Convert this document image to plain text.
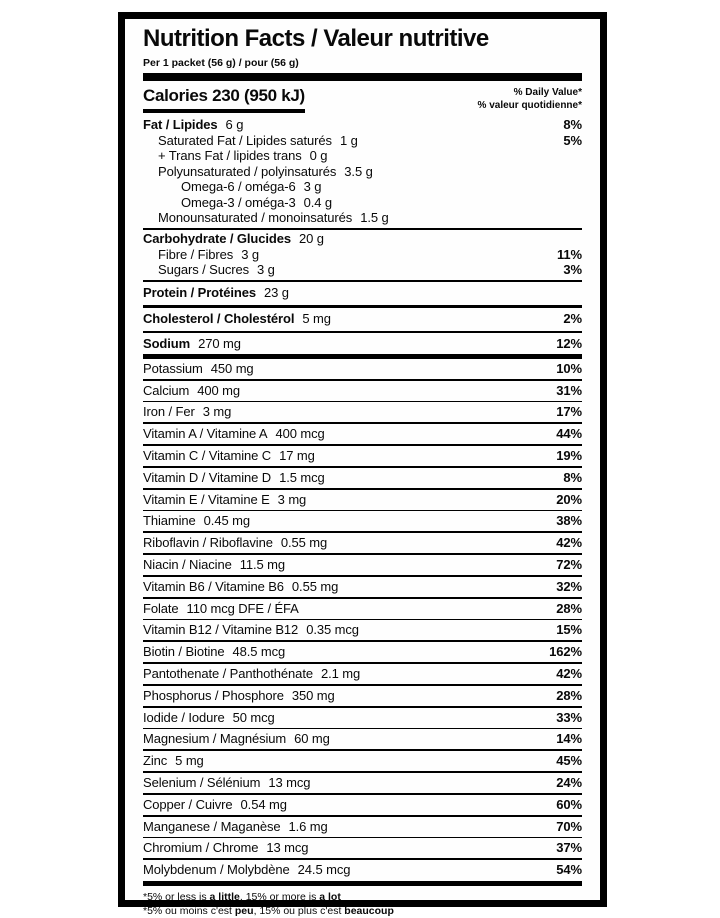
Nutrition Facts / Valeur nutritive
Per 1 packet (56 g) / pour (56 g)
Calories 230 (950 kJ)	% Daily Value*
% valeur quotidienne*
Fat / Lipides 6 g	8%
Saturated Fat / Lipides saturés 1 g	5%
+ Trans Fat / lipides trans 0 g
Polyunsaturated / polyinsaturés 3.5 g
Omega-6 / oméga-6 3 g
Omega-3 / oméga-3 0.4 g
Monounsaturated / monoinsaturés 1.5 g
Carbohydrate / Glucides 20 g
Fibre / Fibres 3 g	11%
Sugars / Sucres 3 g	3%
Protein / Protéines 23 g
Cholesterol / Cholestérol 5 mg	2%
Sodium 270 mg	12%
Potassium 450 mg	10%
Calcium 400 mg	31%
Iron / Fer 3 mg	17%
Vitamin A / Vitamine A 400 mcg	44%
Vitamin C / Vitamine C 17 mg	19%
Vitamin D / Vitamine D 1.5 mcg	8%
Vitamin E / Vitamine E 3 mg	20%
Thiamine 0.45 mg	38%
Riboflavin / Riboflavine 0.55 mg	42%
Niacin / Niacine 11.5 mg	72%
Vitamin B6 / Vitamine B6 0.55 mg	32%
Folate 110 mcg DFE / ÉFA	28%
Vitamin B12 / Vitamine B12 0.35 mcg	15%
Biotin / Biotine 48.5 mcg	162%
Pantothenate / Panthothénate 2.1 mg	42%
Phosphorus / Phosphore 350 mg	28%
Iodide / Iodure 50 mcg	33%
Magnesium / Magnésium 60 mg	14%
Zinc 5 mg	45%
Selenium / Sélénium 13 mcg	24%
Copper / Cuivre 0.54 mg	60%
Manganese / Maganèse 1.6 mg	70%
Chromium / Chrome 13 mcg	37%
Molybdenum / Molybdène 24.5 mcg	54%
*5% or less is a little, 15% or more is a lot
*5% ou moins c'est peu, 15% ou plus c'est beaucoup
